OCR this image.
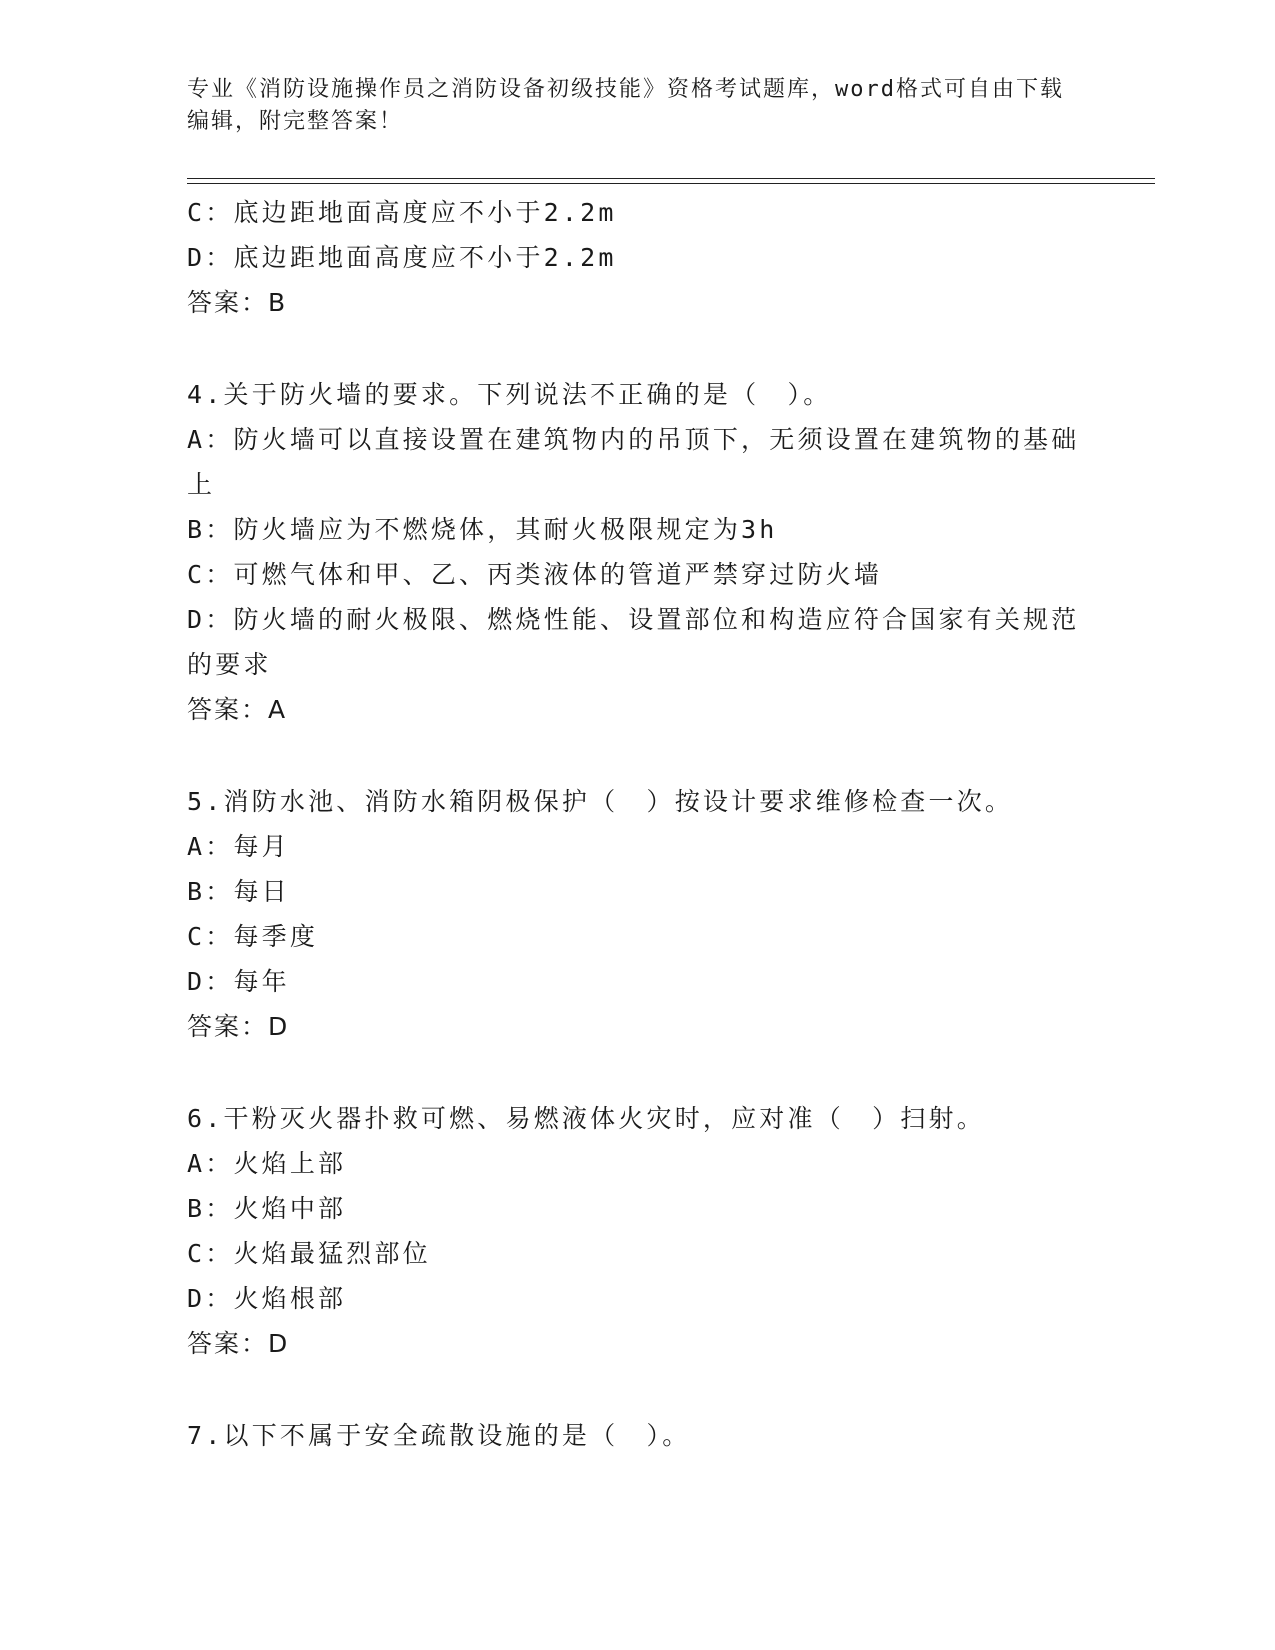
专业《消防设施操作员之消防设备初级技能》资格考试题库，word格式可自由下载编辑，附完整答案！

C：底边距地面高度应不小于2.2m

D：底边距地面高度应不小于2.2m

答案：B

4.关于防火墙的要求。下列说法不正确的是（　）。

A：防火墙可以直接设置在建筑物内的吊顶下，无须设置在建筑物的基础上

B：防火墙应为不燃烧体，其耐火极限规定为3h

C：可燃气体和甲、乙、丙类液体的管道严禁穿过防火墙

D：防火墙的耐火极限、燃烧性能、设置部位和构造应符合国家有关规范的要求

答案：A

5.消防水池、消防水箱阴极保护（　）按设计要求维修检查一次。

A：每月

B：每日

C：每季度

D：每年

答案：D

6.干粉灭火器扑救可燃、易燃液体火灾时，应对准（　）扫射。

A：火焰上部

B：火焰中部

C：火焰最猛烈部位

D：火焰根部

答案：D

7.以下不属于安全疏散设施的是（　）。
